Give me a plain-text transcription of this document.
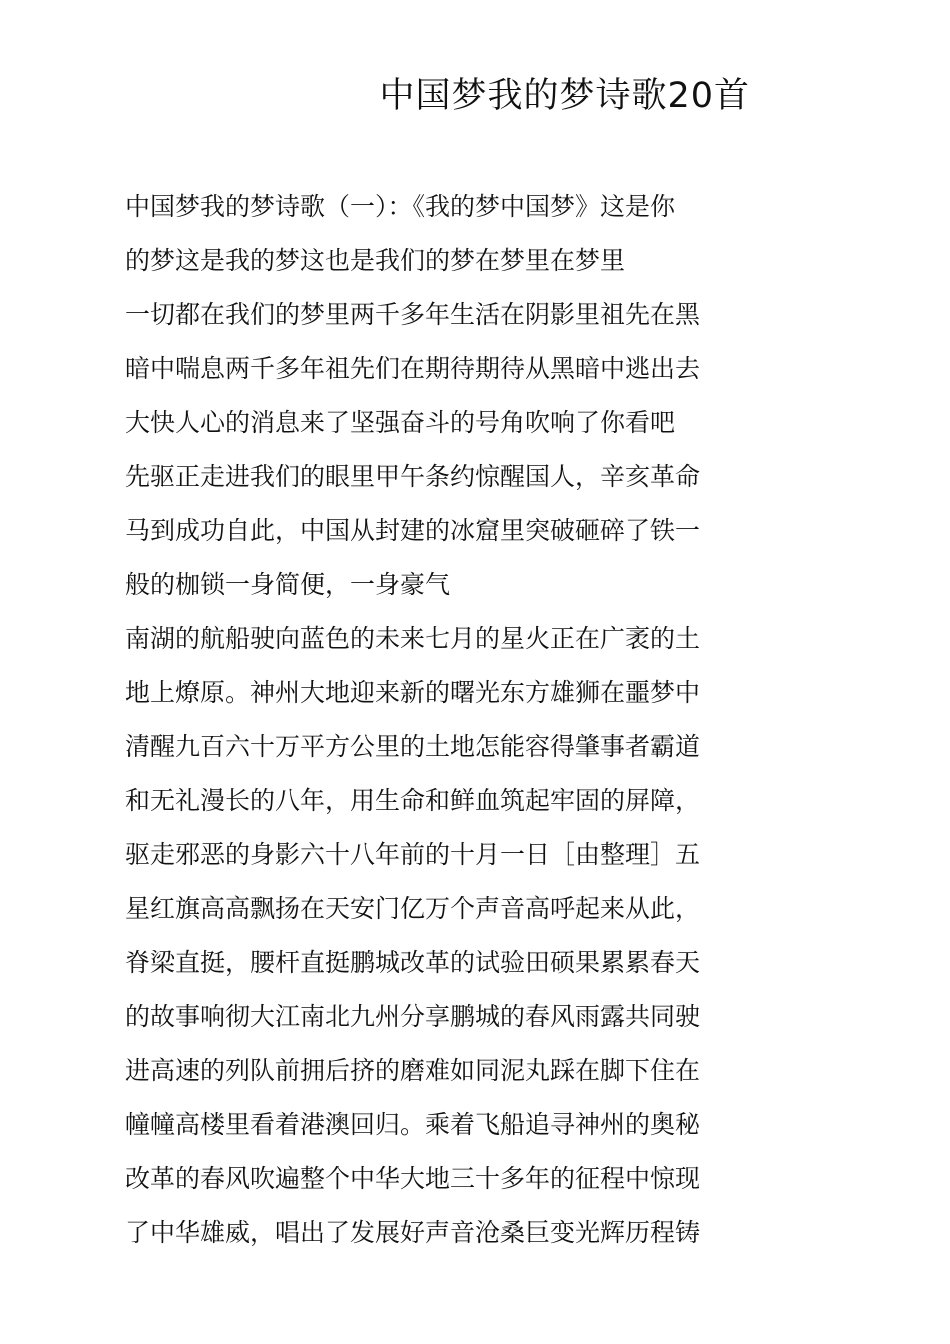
中国梦我的梦诗歌20首
中国梦我的梦诗歌（一）：《我的梦中国梦》这是你
的梦这是我的梦这也是我们的梦在梦里在梦里
一切都在我们的梦里两千多年生活在阴影里祖先在黑
暗中喘息两千多年祖先们在期待期待从黑暗中逃出去
大快人心的消息来了坚强奋斗的号角吹响了你看吧
先驱正走进我们的眼里甲午条约惊醒国人，辛亥革命
马到成功自此，中国从封建的冰窟里突破砸碎了铁一
般的枷锁一身简便，一身豪气
南湖的航船驶向蓝色的未来七月的星火正在广袤的土
地上燎原。神州大地迎来新的曙光东方雄狮在噩梦中
清醒九百六十万平方公里的土地怎能容得肇事者霸道
和无礼漫长的八年，用生命和鲜血筑起牢固的屏障，
驱走邪恶的身影六十八年前的十月一日［由整理］五
星红旗高高飘扬在天安门亿万个声音高呼起来从此，
脊梁直挺，腰杆直挺鹏城改革的试验田硕果累累春天
的故事响彻大江南北九州分享鹏城的春风雨露共同驶
进高速的列队前拥后挤的磨难如同泥丸踩在脚下住在
幢幢高楼里看着港澳回归。乘着飞船追寻神州的奥秘
改革的春风吹遍整个中华大地三十多年的征程中惊现
了中华雄威，唱出了发展好声音沧桑巨变光辉历程铸
